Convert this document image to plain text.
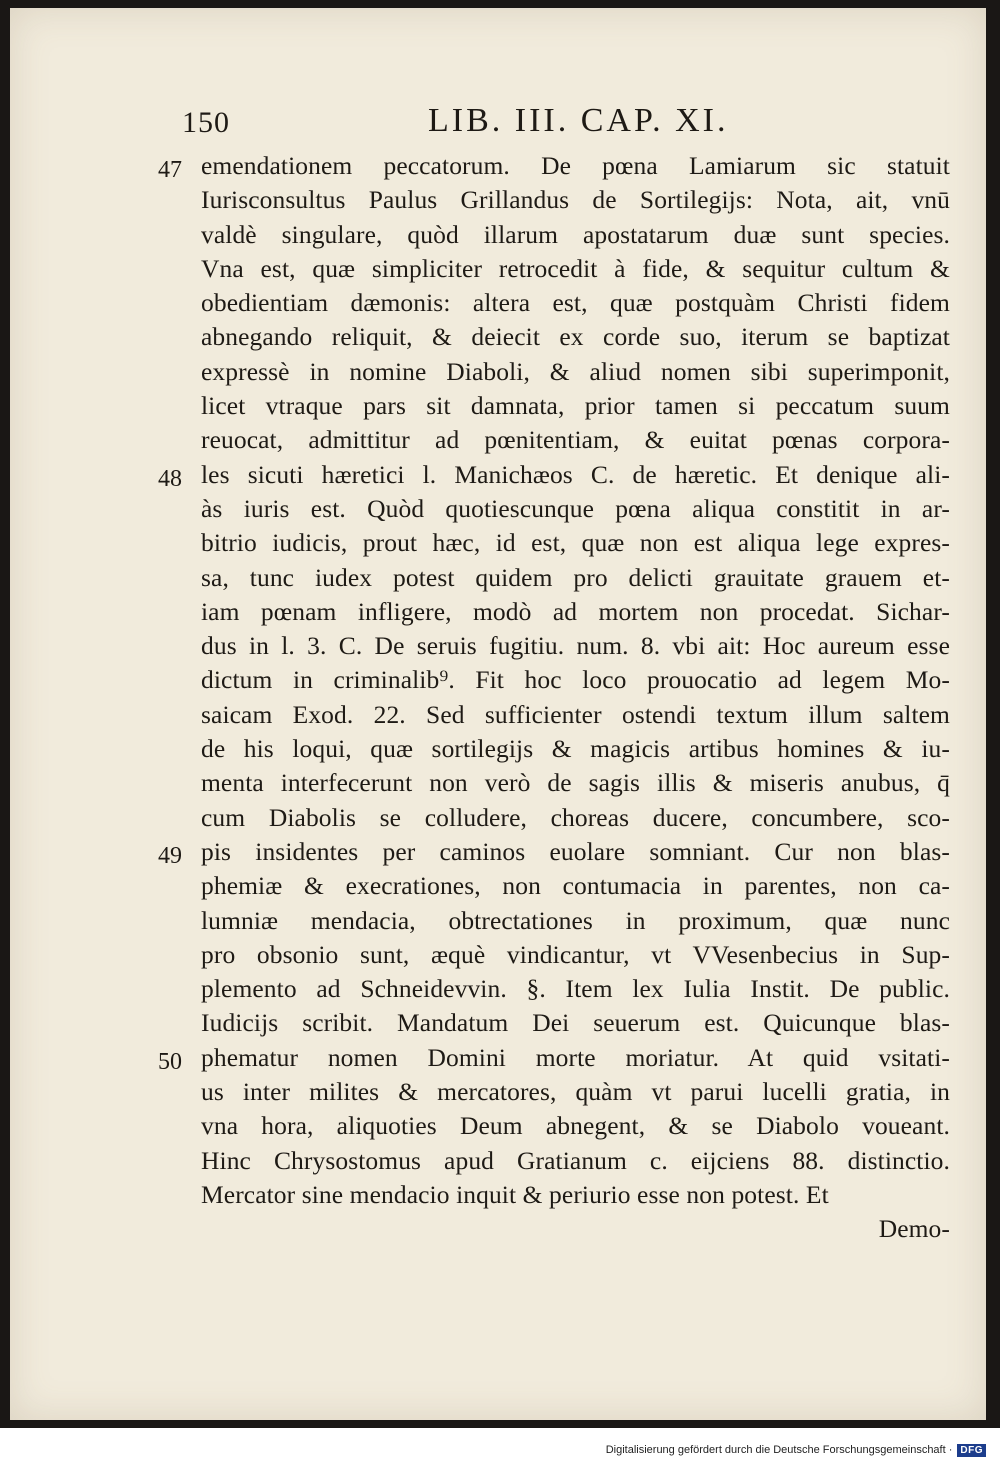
150	LIB. III. CAP. XI.
47 emendationem peccatorum. De pœna Lamiarum sic statuit
Iurisconsultus Paulus Grillandus de Sortilegijs: Nota, ait, vnū
valdè singulare, quòd illarum apostatarum duæ sunt species.
Vna est, quæ simpliciter retrocedit à fide, & sequitur cultum &
obedientiam dæmonis: altera est, quæ postquàm Christi fidem
abnegando reliquit, & deiecit ex corde suo, iterum se baptizat
expressè in nomine Diaboli, & aliud nomen sibi superimponit,
licet vtraque pars sit damnata, prior tamen si peccatum suum
reuocat, admittitur ad pœnitentiam, & euitat pœnas corpora-
48 les sicuti hæretici l. Manichæos C. de hæretic. Et denique ali-
às iuris est. Quòd quotiescunque pœna aliqua constitit in ar-
bitrio iudicis, prout hæc, id est, quæ non est aliqua lege expres-
sa, tunc iudex potest quidem pro delicti grauitate grauem et-
iam pœnam infligere, modò ad mortem non procedat. Sichar-
dus in l. 3. C. De seruis fugitiu. num. 8. vbi ait: Hoc aureum esse
dictum in criminalib⁹. Fit hoc loco prouocatio ad legem Mo-
saicam Exod. 22. Sed sufficienter ostendi textum illum saltem
de his loqui, quæ sortilegijs & magicis artibus homines & iu-
menta interfecerunt non verò de sagis illis & miseris anubus, q̄
cum Diabolis se colludere, choreas ducere, concumbere, sco-
49 pis insidentes per caminos euolare somniant. Cur non blas-
phemiæ & execrationes, non contumacia in parentes, non ca-
lumniæ mendacia, obtrectationes in proximum, quæ nunc
pro obsonio sunt, æquè vindicantur, vt VVesenbecius in Sup-
plemento ad Schneidevvin. §. Item lex Iulia Instit. De public.
Iudicijs scribit. Mandatum Dei seuerum est. Quicunque blas-
50 phematur nomen Domini morte moriatur. At quid vsitati-
us inter milites & mercatores, quàm vt parui lucelli gratia, in
vna hora, aliquoties Deum abnegent, & se Diabolo voueant.
Hinc Chrysostomus apud Gratianum c. eijciens 88. distinctio.
Mercator sine mendacio inquit & periurio esse non potest. Et
Demo-
Digitalisierung gefördert durch die Deutsche Forschungsgemeinschaft · DFG
